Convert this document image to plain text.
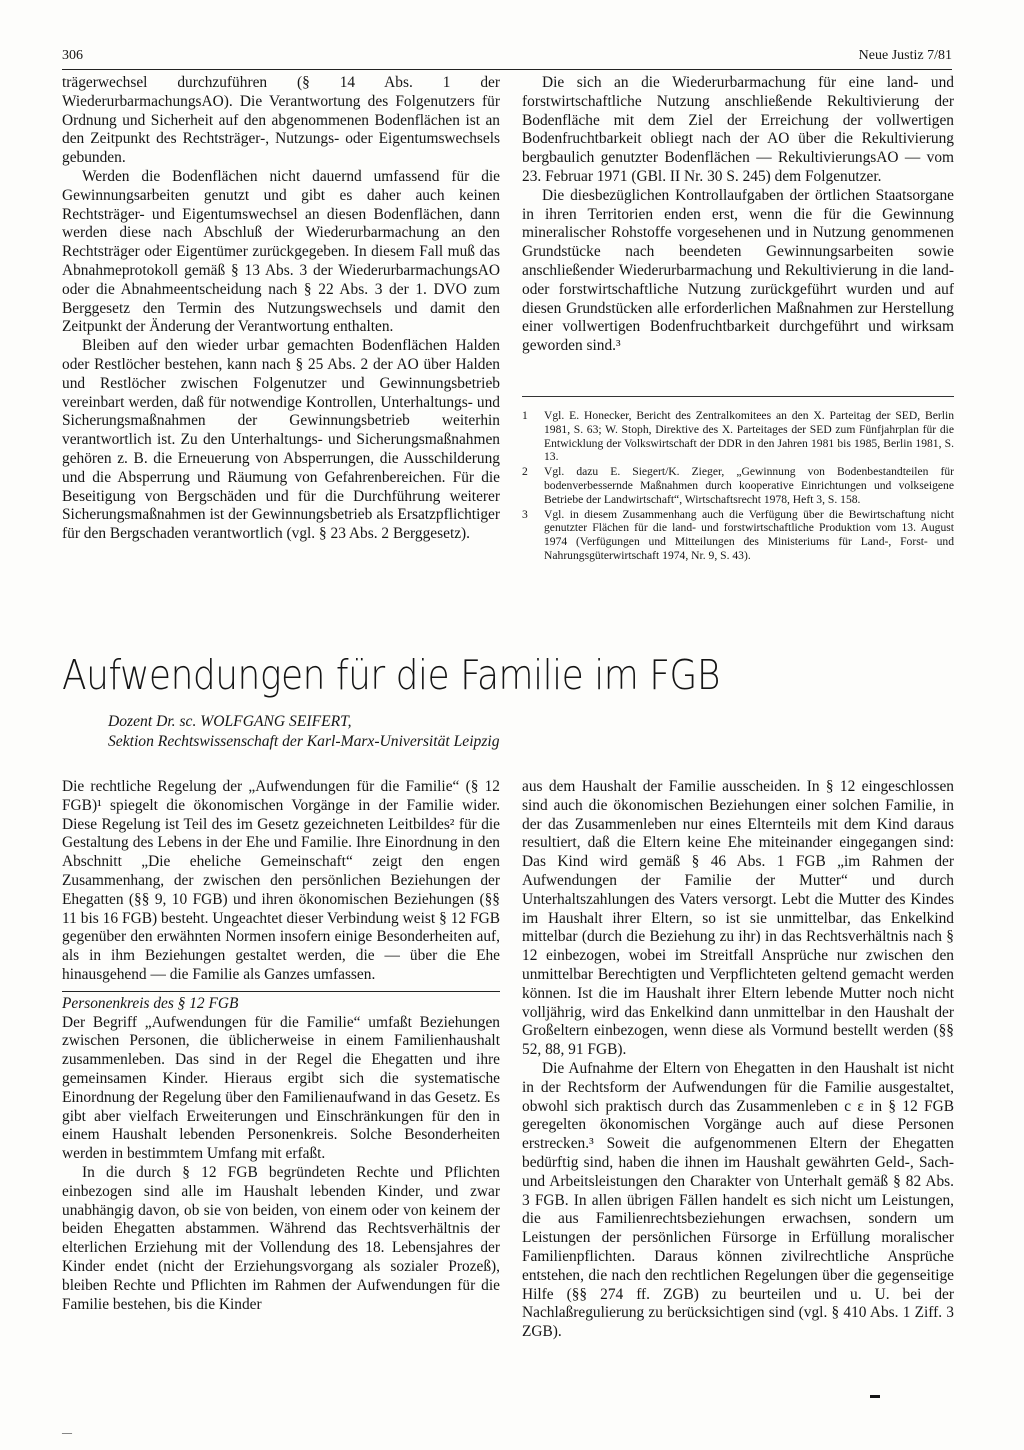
306	Neue Justiz 7/81

trägerwechsel durchzuführen (§ 14 Abs. 1 der WiederurbarmachungsAO). Die Verantwortung des Folgenutzers für Ordnung und Sicherheit auf den abgenommenen Bodenflächen ist an den Zeitpunkt des Rechtsträger-, Nutzungs- oder Eigentumswechsels gebunden.

Werden die Bodenflächen nicht dauernd umfassend für die Gewinnungsarbeiten genutzt und gibt es daher auch keinen Rechtsträger- und Eigentumswechsel an diesen Bodenflächen, dann werden diese nach Abschluß der Wiederurbarmachung an den Rechtsträger oder Eigentümer zurückgegeben. In diesem Fall muß das Abnahmeprotokoll gemäß § 13 Abs. 3 der WiederurbarmachungsAO oder die Abnahmeentscheidung nach § 22 Abs. 3 der 1. DVO zum Berggesetz den Termin des Nutzungswechsels und damit den Zeitpunkt der Änderung der Verantwortung enthalten.

Bleiben auf den wieder urbar gemachten Bodenflächen Halden oder Restlöcher bestehen, kann nach § 25 Abs. 2 der AO über Halden und Restlöcher zwischen Folgenutzer und Gewinnungsbetrieb vereinbart werden, daß für notwendige Kontrollen, Unterhaltungs- und Sicherungsmaßnahmen der Gewinnungsbetrieb weiterhin verantwortlich ist. Zu den Unterhaltungs- und Sicherungsmaßnahmen gehören z. B. die Erneuerung von Absperrungen, die Ausschilderung und die Absperrung und Räumung von Gefahrenbereichen. Für die Beseitigung von Bergschäden und für die Durchführung weiterer Sicherungsmaßnahmen ist der Gewinnungsbetrieb als Ersatzpflichtiger für den Bergschaden verantwortlich (vgl. § 23 Abs. 2 Berggesetz).

Die sich an die Wiederurbarmachung für eine land- und forstwirtschaftliche Nutzung anschließende Rekultivierung der Bodenfläche mit dem Ziel der Erreichung der vollwertigen Bodenfruchtbarkeit obliegt nach der AO über die Rekultivierung bergbaulich genutzter Bodenflächen — RekultivierungsAO — vom 23. Februar 1971 (GBl. II Nr. 30 S. 245) dem Folgenutzer.

Die diesbezüglichen Kontrollaufgaben der örtlichen Staatsorgane in ihren Territorien enden erst, wenn die für die Gewinnung mineralischer Rohstoffe vorgesehenen und in Nutzung genommenen Grundstücke nach beendeten Gewinnungsarbeiten sowie anschließender Wiederurbarmachung und Rekultivierung in die land- oder forstwirtschaftliche Nutzung zurückgeführt wurden und auf diesen Grundstücken alle erforderlichen Maßnahmen zur Herstellung einer vollwertigen Bodenfruchtbarkeit durchgeführt und wirksam geworden sind.³

1	Vgl. E. Honecker, Bericht des Zentralkomitees an den X. Parteitag der SED, Berlin 1981, S. 63; W. Stoph, Direktive des X. Parteitages der SED zum Fünfjahrplan für die Entwicklung der Volkswirtschaft der DDR in den Jahren 1981 bis 1985, Berlin 1981, S. 13.
2	Vgl. dazu E. Siegert/K. Zieger, „Gewinnung von Bodenbestandteilen für bodenverbessernde Maßnahmen durch kooperative Einrichtungen und volkseigene Betriebe der Landwirtschaft“, Wirtschaftsrecht 1978, Heft 3, S. 158.
3	Vgl. in diesem Zusammenhang auch die Verfügung über die Bewirtschaftung nicht genutzter Flächen für die land- und forstwirtschaftliche Produktion vom 13. August 1974 (Verfügungen und Mitteilungen des Ministeriums für Land-, Forst- und Nahrungsgüterwirtschaft 1974, Nr. 9, S. 43).
Aufwendungen für die Familie im FGB
Dozent Dr. sc. WOLFGANG SEIFERT,
Sektion Rechtswissenschaft der Karl-Marx-Universität Leipzig

Die rechtliche Regelung der „Aufwendungen für die Familie“ (§ 12 FGB)¹ spiegelt die ökonomischen Vorgänge in der Familie wider. Diese Regelung ist Teil des im Gesetz gezeichneten Leitbildes² für die Gestaltung des Lebens in der Ehe und Familie. Ihre Einordnung in den Abschnitt „Die eheliche Gemeinschaft“ zeigt den engen Zusammenhang, der zwischen den persönlichen Beziehungen der Ehegatten (§§ 9, 10 FGB) und ihren ökonomischen Beziehungen (§§ 11 bis 16 FGB) besteht. Ungeachtet dieser Verbindung weist § 12 FGB gegenüber den erwähnten Normen insofern einige Besonderheiten auf, als in ihm Beziehungen gestaltet werden, die — über die Ehe hinausgehend — die Familie als Ganzes umfassen.

Personenkreis des § 12 FGB

Der Begriff „Aufwendungen für die Familie“ umfaßt Beziehungen zwischen Personen, die üblicherweise in einem Familienhaushalt zusammenleben. Das sind in der Regel die Ehegatten und ihre gemeinsamen Kinder. Hieraus ergibt sich die systematische Einordnung der Regelung über den Familienaufwand in das Gesetz. Es gibt aber vielfach Erweiterungen und Einschränkungen für den in einem Haushalt lebenden Personenkreis. Solche Besonderheiten werden in bestimmtem Umfang mit erfaßt.

In die durch § 12 FGB begründeten Rechte und Pflichten einbezogen sind alle im Haushalt lebenden Kinder, und zwar unabhängig davon, ob sie von beiden, von einem oder von keinem der beiden Ehegatten abstammen. Während das Rechtsverhältnis der elterlichen Erziehung mit der Vollendung des 18. Lebensjahres der Kinder endet (nicht der Erziehungsvorgang als sozialer Prozeß), bleiben Rechte und Pflichten im Rahmen der Aufwendungen für die Familie bestehen, bis die Kinder

aus dem Haushalt der Familie ausscheiden. In § 12 eingeschlossen sind auch die ökonomischen Beziehungen einer solchen Familie, in der das Zusammenleben nur eines Elternteils mit dem Kind daraus resultiert, daß die Eltern keine Ehe miteinander eingegangen sind: Das Kind wird gemäß § 46 Abs. 1 FGB „im Rahmen der Aufwendungen der Familie der Mutter“ und durch Unterhaltszahlungen des Vaters versorgt. Lebt die Mutter des Kindes im Haushalt ihrer Eltern, so ist sie unmittelbar, das Enkelkind mittelbar (durch die Beziehung zu ihr) in das Rechtsverhältnis nach § 12 einbezogen, wobei im Streitfall Ansprüche nur zwischen den unmittelbar Berechtigten und Verpflichteten geltend gemacht werden können. Ist die im Haushalt ihrer Eltern lebende Mutter noch nicht volljährig, wird das Enkelkind dann unmittelbar in den Haushalt der Großeltern einbezogen, wenn diese als Vormund bestellt werden (§§ 52, 88, 91 FGB).

Die Aufnahme der Eltern von Ehegatten in den Haushalt ist nicht in der Rechtsform der Aufwendungen für die Familie ausgestaltet, obwohl sich praktisch durch das Zusammenleben c ε in § 12 FGB geregelten ökonomischen Vorgänge auch auf diese Personen erstrecken.³ Soweit die aufgenommenen Eltern der Ehegatten bedürftig sind, haben die ihnen im Haushalt gewährten Geld-, Sach- und Arbeitsleistungen den Charakter von Unterhalt gemäß § 82 Abs. 3 FGB. In allen übrigen Fällen handelt es sich nicht um Leistungen, die aus Familienrechtsbeziehungen erwachsen, sondern um Leistungen der persönlichen Fürsorge in Erfüllung moralischer Familienpflichten. Daraus können zivilrechtliche Ansprüche entstehen, die nach den rechtlichen Regelungen über die gegenseitige Hilfe (§§ 274 ff. ZGB) zu beurteilen und u. U. bei der Nachlaßregulierung zu berücksichtigen sind (vgl. § 410 Abs. 1 Ziff. 3 ZGB).

▬
—
